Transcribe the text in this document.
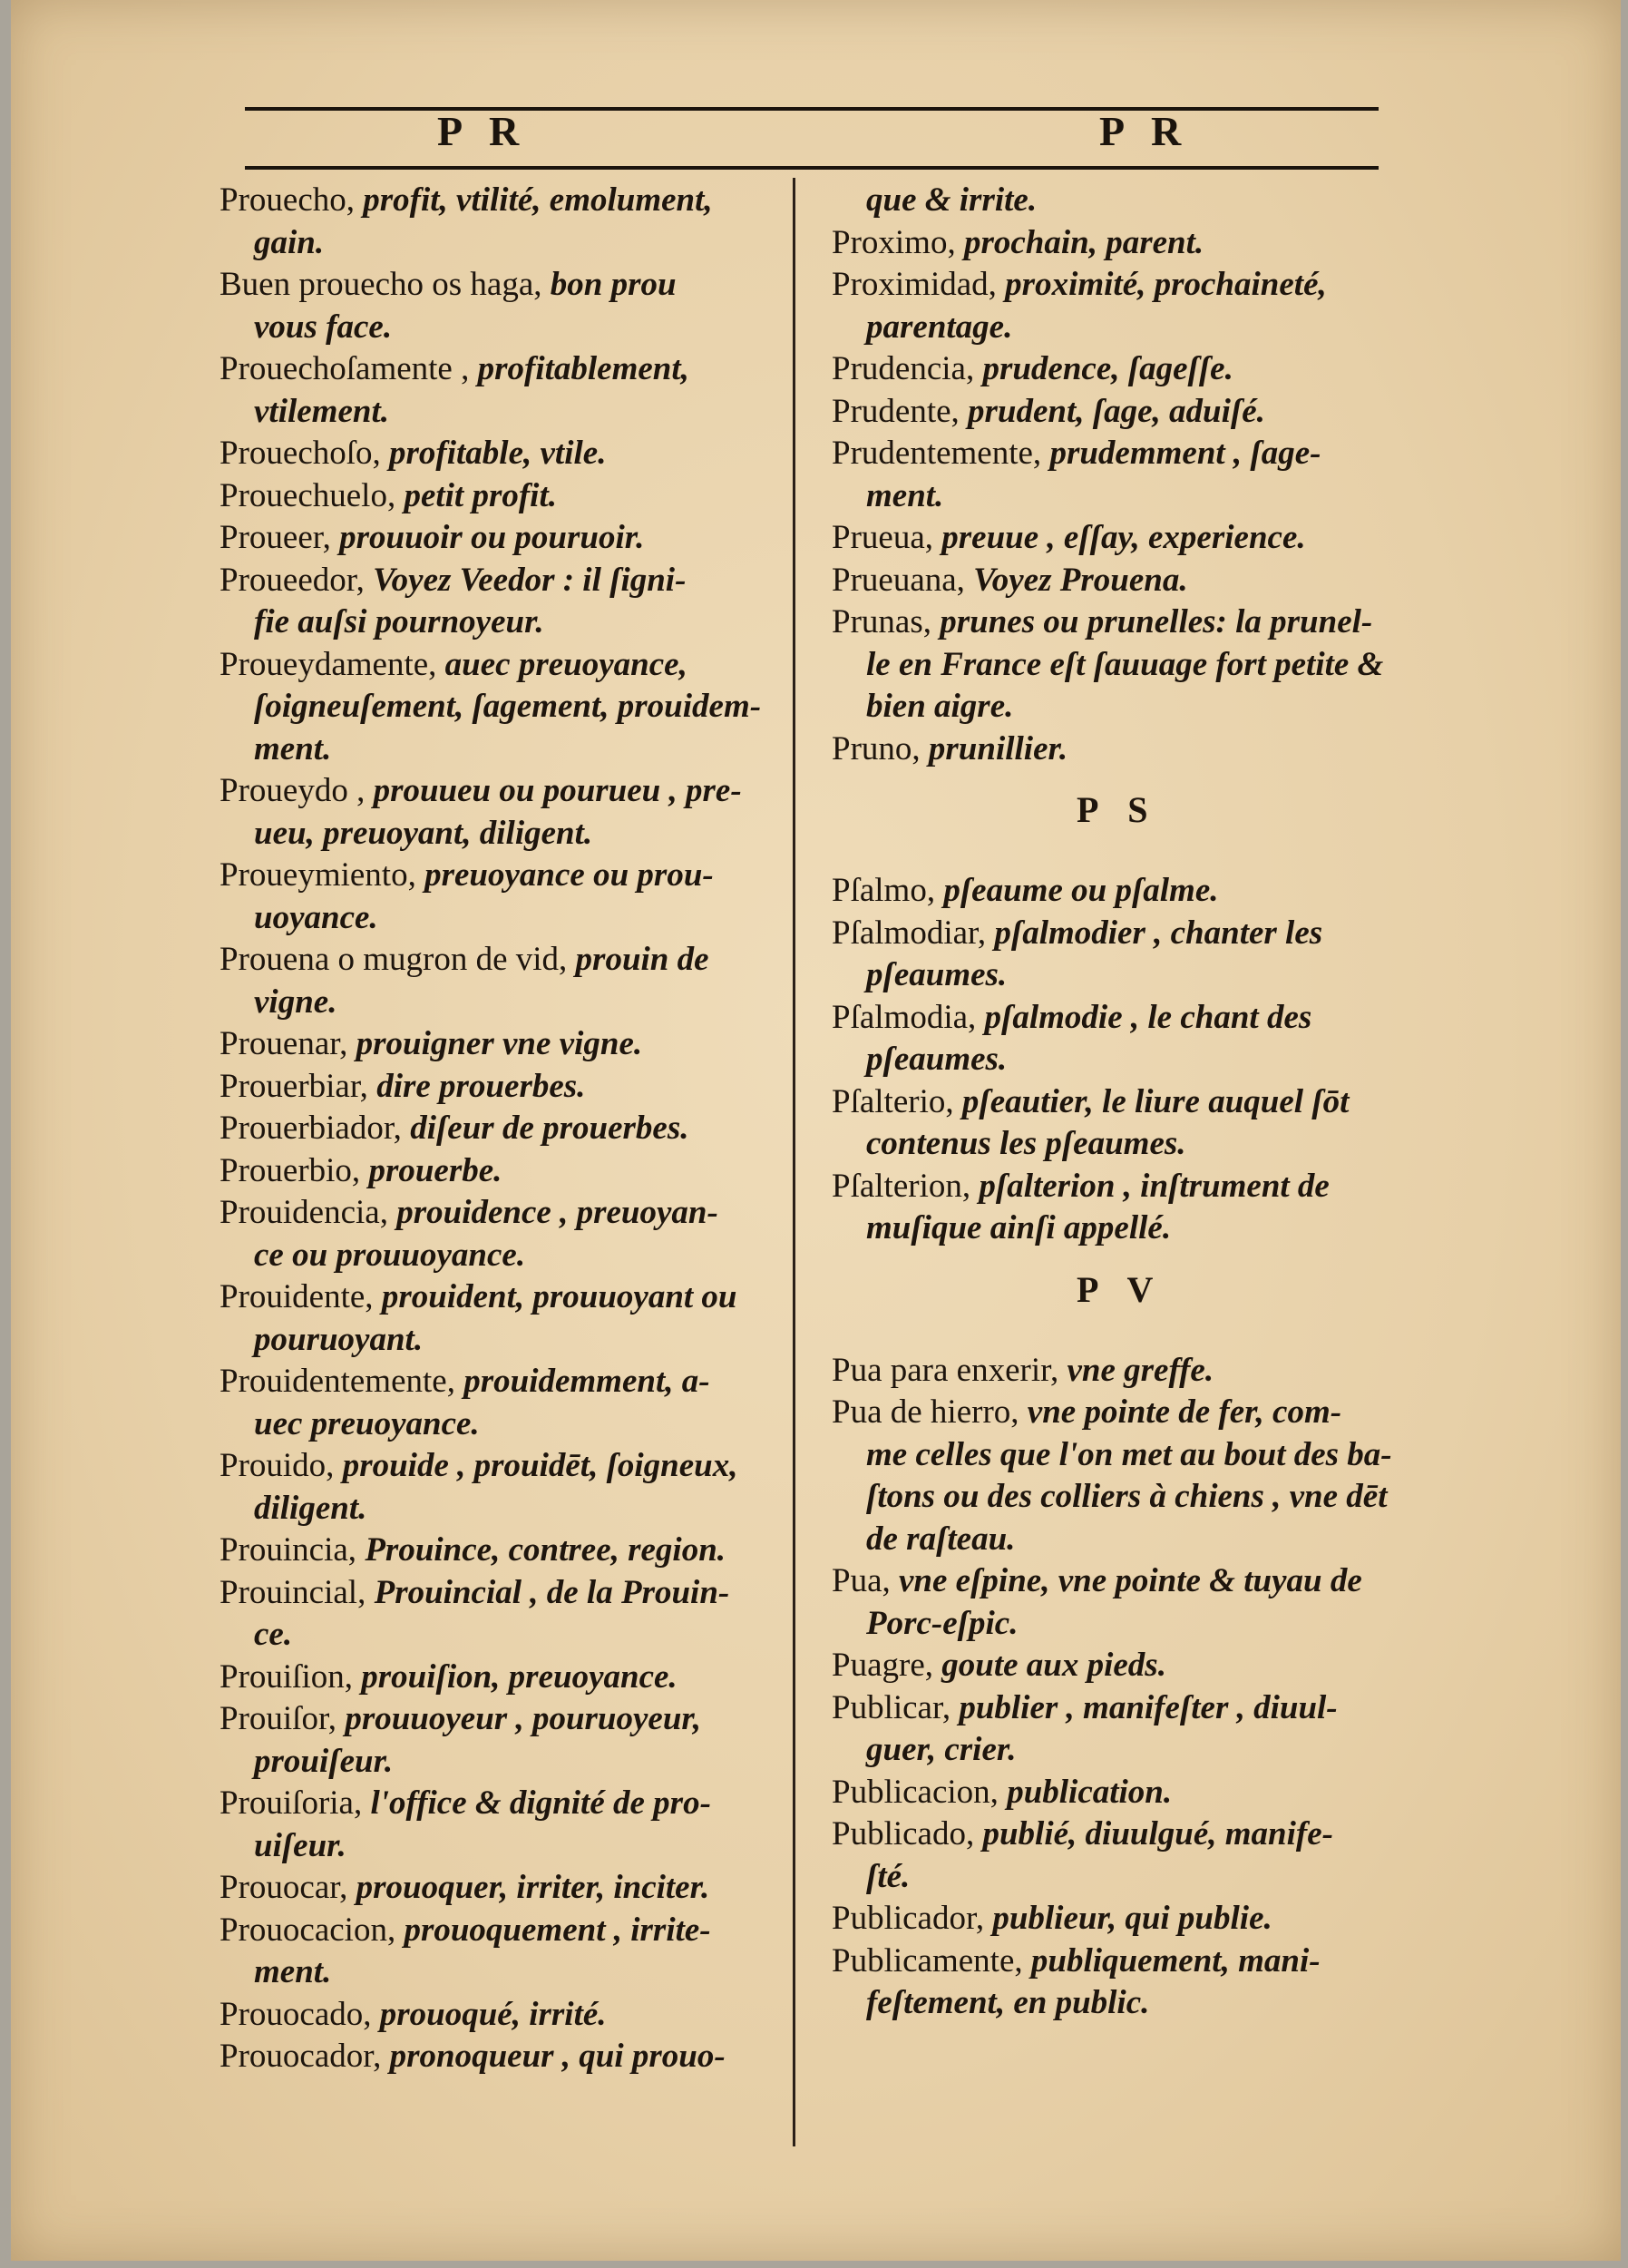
P R	P R
Prouecho, profit, vtilité, emolument,
gain.
Buen prouecho os haga, bon prou
vous face.
Prouechoſamente , profitablement,
vtilement.
Prouechoſo, profitable, vtile.
Prouechuelo, petit profit.
Proueer, prouuoir ou pouruoir.
Proueedor, Voyez Veedor : il ſigni-
fie auſsi pournoyeur.
Proueydamente, auec preuoyance,
ſoigneuſement, ſagement, prouidem-
ment.
Proueydo , prouueu ou pourueu , pre-
ueu, preuoyant, diligent.
Proueymiento, preuoyance ou prou-
uoyance.
Prouena o mugron de vid, prouin de
vigne.
Prouenar, prouigner vne vigne.
Prouerbiar, dire prouerbes.
Prouerbiador, diſeur de prouerbes.
Prouerbio, prouerbe.
Prouidencia, prouidence , preuoyan-
ce ou prouuoyance.
Prouidente, prouident, prouuoyant ou
pouruoyant.
Prouidentemente, prouidemment, a-
uec preuoyance.
Prouido, prouide , prouidēt, ſoigneux,
diligent.
Prouincia, Prouince, contree, region.
Prouincial, Prouincial , de la Prouin-
ce.
Prouiſion, prouiſion, preuoyance.
Prouiſor, prouuoyeur , pouruoyeur,
prouiſeur.
Prouiſoria, l'office & dignité de pro-
uiſeur.
Prouocar, prouoquer, irriter, inciter.
Prouocacion, prouoquement , irrite-
ment.
Prouocado, prouoqué, irrité.
Prouocador, pronoqueur , qui prouo-
que & irrite.
Proximo, prochain, parent.
Proximidad, proximité, prochaineté,
parentage.
Prudencia, prudence, ſageſſe.
Prudente, prudent, ſage, aduiſé.
Prudentemente, prudemment , ſage-
ment.
Prueua, preuue , eſſay, experience.
Prueuana, Voyez Prouena.
Prunas, prunes ou prunelles: la prunel-
le en France eſt ſauuage fort petite &
bien aigre.
Pruno, prunillier.
P S
Pſalmo, pſeaume ou pſalme.
Pſalmodiar, pſalmodier , chanter les
pſeaumes.
Pſalmodia, pſalmodie , le chant des
pſeaumes.
Pſalterio, pſeautier, le liure auquel ſōt
contenus les pſeaumes.
Pſalterion, pſalterion , inſtrument de
muſique ainſi appellé.
P V
Pua para enxerir, vne greffe.
Pua de hierro, vne pointe de fer, com-
me celles que l'on met au bout des ba-
ſtons ou des colliers à chiens , vne dēt
de raſteau.
Pua, vne eſpine, vne pointe & tuyau de
Porc-eſpic.
Puagre, goute aux pieds.
Publicar, publier , manifeſter , diuul-
guer, crier.
Publicacion, publication.
Publicado, publié, diuulgué, manife-
ſté.
Publicador, publieur, qui publie.
Publicamente, publiquement, mani-
feſtement, en public.
